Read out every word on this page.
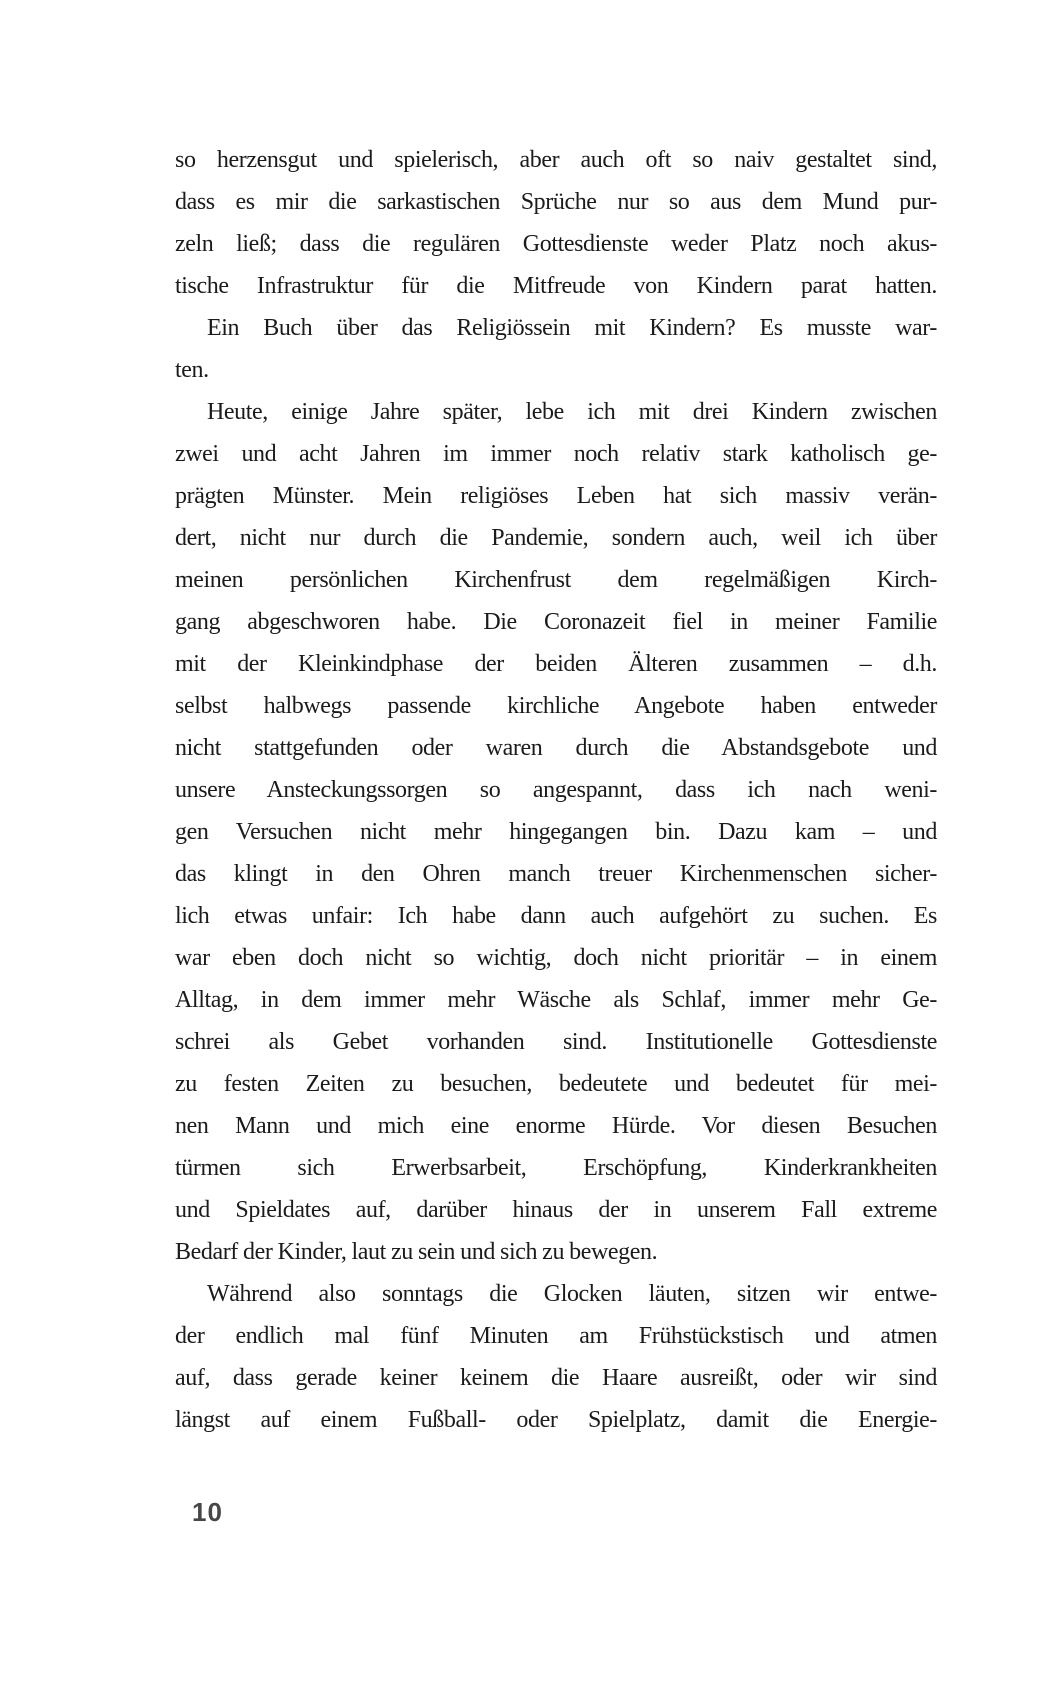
so herzensgut und spielerisch, aber auch oft so naiv gestaltet sind,
dass es mir die sarkastischen Sprüche nur so aus dem Mund pur-
zeln ließ; dass die regulären Gottesdienste weder Platz noch akus-
tische Infrastruktur für die Mitfreude von Kindern parat hatten.
Ein Buch über das Religiössein mit Kindern? Es musste war-
ten.
Heute, einige Jahre später, lebe ich mit drei Kindern zwischen
zwei und acht Jahren im immer noch relativ stark katholisch ge-
prägten Münster. Mein religiöses Leben hat sich massiv verän-
dert, nicht nur durch die Pandemie, sondern auch, weil ich über
meinen persönlichen Kirchenfrust dem regelmäßigen Kirch-
gang abgeschworen habe. Die Coronazeit fiel in meiner Familie
mit der Kleinkindphase der beiden Älteren zusammen – d.h.
selbst halbwegs passende kirchliche Angebote haben entweder
nicht stattgefunden oder waren durch die Abstandsgebote und
unsere Ansteckungssorgen so angespannt, dass ich nach weni-
gen Versuchen nicht mehr hingegangen bin. Dazu kam – und
das klingt in den Ohren manch treuer Kirchenmenschen sicher-
lich etwas unfair: Ich habe dann auch aufgehört zu suchen. Es
war eben doch nicht so wichtig, doch nicht prioritär – in einem
Alltag, in dem immer mehr Wäsche als Schlaf, immer mehr Ge-
schrei als Gebet vorhanden sind. Institutionelle Gottesdienste
zu festen Zeiten zu besuchen, bedeutete und bedeutet für mei-
nen Mann und mich eine enorme Hürde. Vor diesen Besuchen
türmen sich Erwerbsarbeit, Erschöpfung, Kinderkrankheiten
und Spieldates auf, darüber hinaus der in unserem Fall extreme
Bedarf der Kinder, laut zu sein und sich zu bewegen.
Während also sonntags die Glocken läuten, sitzen wir entwe-
der endlich mal fünf Minuten am Frühstückstisch und atmen
auf, dass gerade keiner keinem die Haare ausreißt, oder wir sind
längst auf einem Fußball- oder Spielplatz, damit die Energie-
10
